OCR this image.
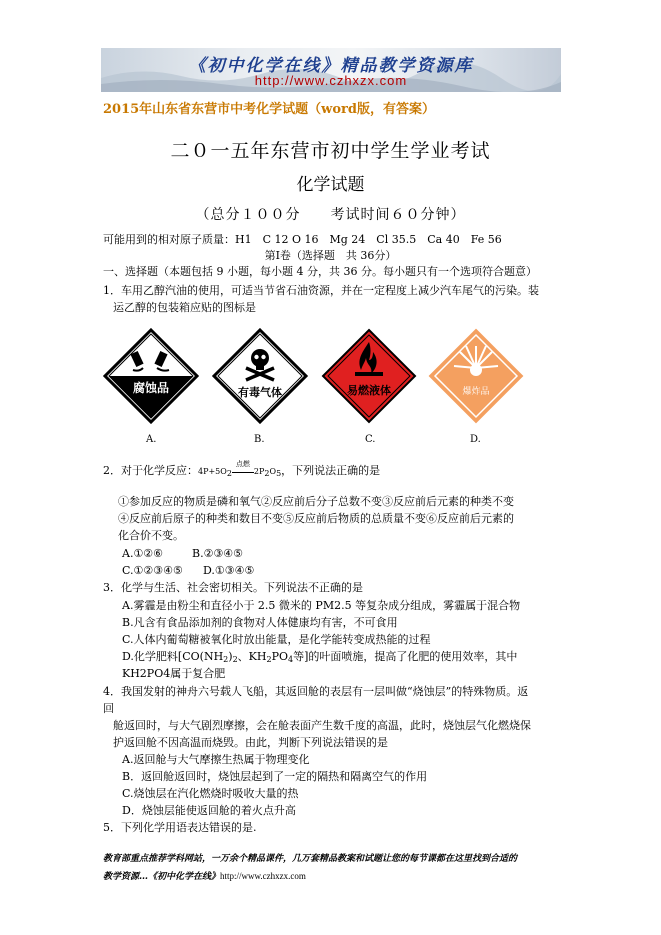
《初中化学在线》精品教学资源库
http://www.czhxzx.com
2015年山东省东营市中考化学试题（word版，有答案）
二０一五年东营市初中学生学业考试
化学试题
（总分１００分　　考试时间６０分钟）
可能用到的相对原子质量：H1　C 12 O 16　Mg 24　Cl 35.5　Ca 40　Fe 56
第Ⅰ卷（选择题　共 36分）
一、选择题（本题包括 9 小题，每小题 4 分，共 36 分。每小题只有一个选项符合题意）
1．车用乙醇汽油的使用，可适当节省石油资源，并在一定程度上减少汽车尾气的污染。装
运乙醇的包装箱应贴的图标是
腐蚀品	有毒气体	易燃液体	爆炸品
A.	B.	C.	D.
2．对于化学反应：4P+5O2
点燃
2P2O5，下列说法正确的是
①参加反应的物质是磷和氧气②反应前后分子总数不变③反应前后元素的种类不变
④反应前后原子的种类和数目不变⑤反应前后物质的总质量不变⑥反应前后元素的
化合价不变。
A.①②⑥	B.②③④⑤
C.①②③④⑤ D.①③④⑤
3．化学与生活、社会密切相关。下列说法不正确的是
A.雾霾是由粉尘和直径小于 2.5 微米的 PM2.5 等复杂成分组成，雾霾属于混合物
B.凡含有食品添加剂的食物对人体健康均有害，不可食用
C.人体内葡萄糖被氧化时放出能量，是化学能转变成热能的过程
D.化学肥料[CO(NH2)2、KH2PO4等]的叶面喷施，提高了化肥的使用效率，其中
KH2PO4属于复合肥
4．我国发射的神舟六号载人飞船，其返回舱的表层有一层叫做“烧蚀层”的特殊物质。返
回
舱返回时，与大气剧烈摩擦，会在舱表面产生数千度的高温，此时，烧蚀层气化燃烧保
护返回舱不因高温而烧毁。由此，判断下列说法错误的是
A.返回舱与大气摩擦生热属于物理变化
B．返回舱返回时，烧蚀层起到了一定的隔热和隔离空气的作用
C.烧蚀层在汽化燃烧时吸收大量的热
D．烧蚀层能使返回舱的着火点升高
5．下列化学用语表达错误的是.
教育部重点推荐学科网站，一万余个精品课件，几万套精品教案和试题让您的每节课都在这里找到合适的
教学资源…《初中化学在线》http://www.czhxzx.com
